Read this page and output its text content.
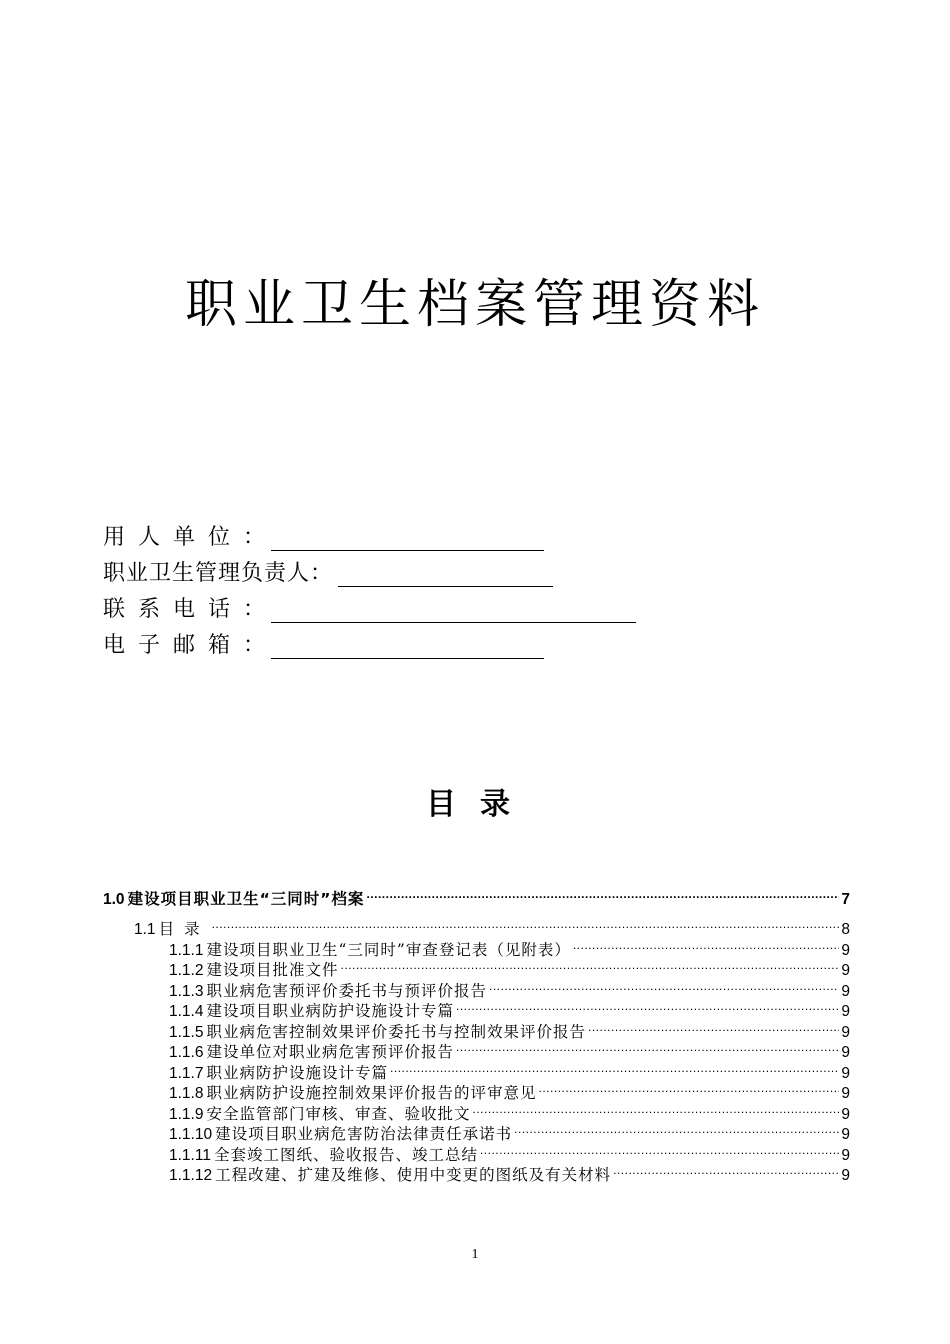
职业卫生档案管理资料
用人单位 ：
职业卫生管理负责人 ：
联系电话 ：
电子邮箱 ：
目录
1.0 建设项目职业卫生“三同时”档案 .....	7
1.1 目录 .....	8
1.1.1 建设项目职业卫生“三同时”审查登记表（见附表） .....	9
1.1.2 建设项目批准文件 .....	9
1.1.3 职业病危害预评价委托书与预评价报告 .....	9
1.1.4 建设项目职业病防护设施设计专篇 .....	9
1.1.5 职业病危害控制效果评价委托书与控制效果评价报告 .....	9
1.1.6 建设单位对职业病危害预评价报告 .....	9
1.1.7 职业病防护设施设计专篇 .....	9
1.1.8 职业病防护设施控制效果评价报告的评审意见 .....	9
1.1.9 安全监管部门审核、审查、验收批文 .....	9
1.1.10 建设项目职业病危害防治法律责任承诺书 .....	9
1.1.11 全套竣工图纸、验收报告、竣工总结 .....	9
1.1.12 工程改建、扩建及维修、使用中变更的图纸及有关材料 .....	9
1
